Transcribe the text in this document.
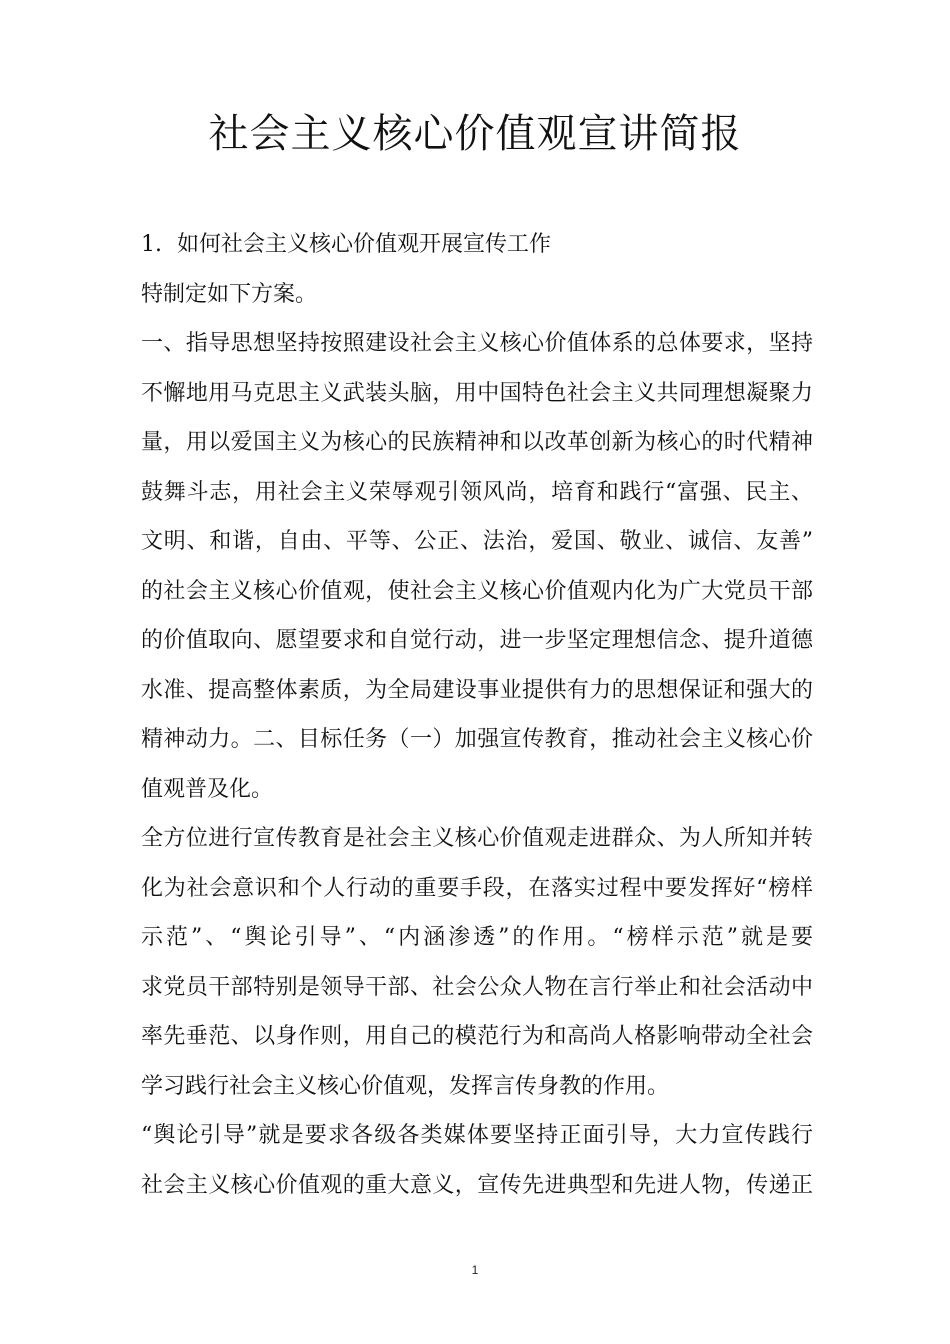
社会主义核心价值观宣讲简报
1. 如何社会主义核心价值观开展宣传工作
特制定如下方案。
一、指导思想坚持按照建设社会主义核心价值体系的总体要求，坚持
不懈地用马克思主义武装头脑，用中国特色社会主义共同理想凝聚力
量，用以爱国主义为核心的民族精神和以改革创新为核心的时代精神
鼓舞斗志，用社会主义荣辱观引领风尚，培育和践行“富强、民主、
文明、和谐，自由、平等、公正、法治，爱国、敬业、诚信、友善”
的社会主义核心价值观，使社会主义核心价值观内化为广大党员干部
的价值取向、愿望要求和自觉行动，进一步坚定理想信念、提升道德
水准、提高整体素质，为全局建设事业提供有力的思想保证和强大的
精神动力。二、目标任务（一）加强宣传教育，推动社会主义核心价
值观普及化。
全方位进行宣传教育是社会主义核心价值观走进群众、为人所知并转
化为社会意识和个人行动的重要手段，在落实过程中要发挥好“榜样
示范”、“舆论引导”、“内涵渗透”的作用。“榜样示范”就是要
求党员干部特别是领导干部、社会公众人物在言行举止和社会活动中
率先垂范、以身作则，用自己的模范行为和高尚人格影响带动全社会
学习践行社会主义核心价值观，发挥言传身教的作用。
“舆论引导”就是要求各级各类媒体要坚持正面引导，大力宣传践行
社会主义核心价值观的重大意义，宣传先进典型和先进人物，传递正
1
